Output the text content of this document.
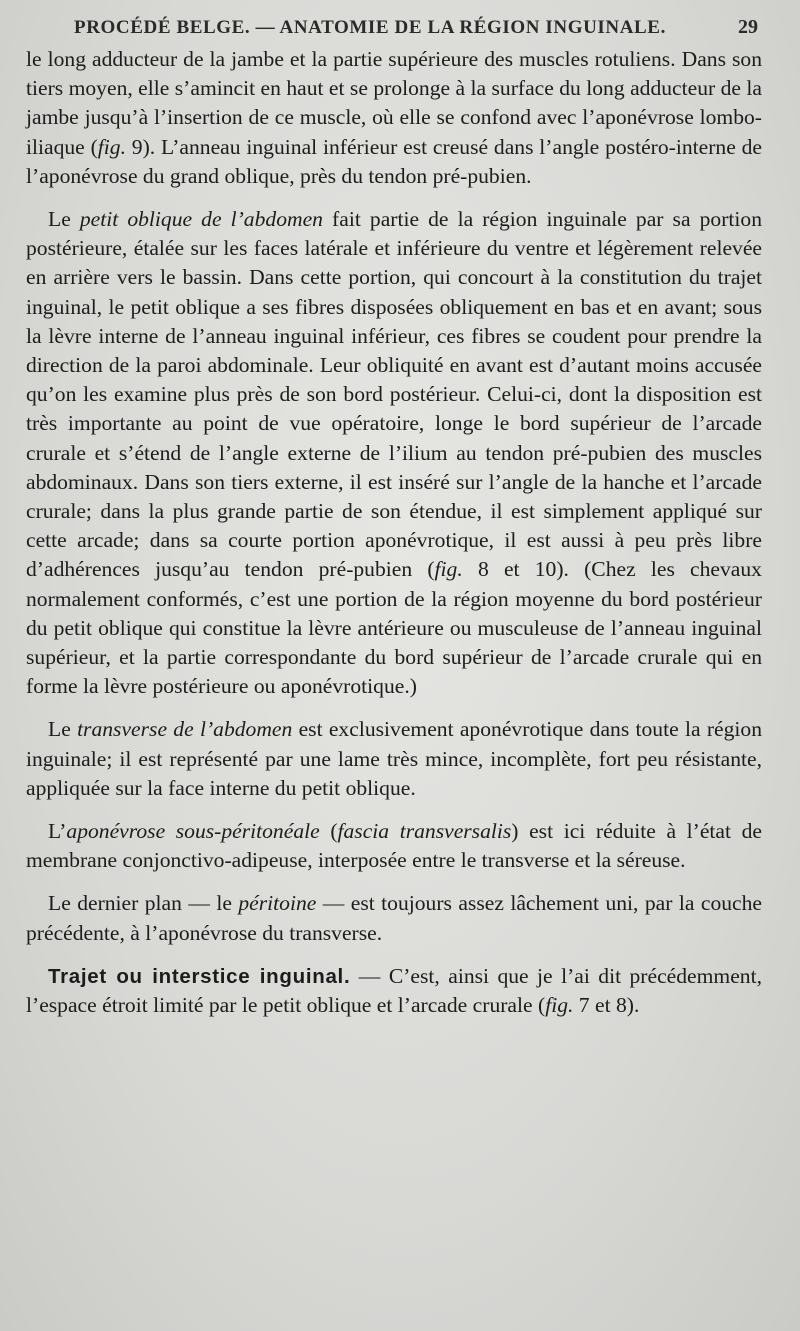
PROCÉDÉ BELGE. — ANATOMIE DE LA RÉGION INGUINALE.	29

le long adducteur de la jambe et la partie supérieure des muscles rotuliens. Dans son tiers moyen, elle s’amincit en haut et se prolonge à la surface du long adducteur de la jambe jusqu’à l’insertion de ce muscle, où elle se confond avec l’aponévrose lombo-iliaque (fig. 9). L’anneau inguinal inférieur est creusé dans l’angle postéro-interne de l’aponévrose du grand oblique, près du tendon pré-pubien.

Le petit oblique de l’abdomen fait partie de la région inguinale par sa portion postérieure, étalée sur les faces latérale et inférieure du ventre et légèrement relevée en arrière vers le bassin. Dans cette portion, qui concourt à la constitution du trajet inguinal, le petit oblique a ses fibres disposées obliquement en bas et en avant; sous la lèvre interne de l’anneau inguinal inférieur, ces fibres se coudent pour prendre la direction de la paroi abdominale. Leur obliquité en avant est d’autant moins accusée qu’on les examine plus près de son bord postérieur. Celui-ci, dont la disposition est très importante au point de vue opératoire, longe le bord supérieur de l’arcade crurale et s’étend de l’angle externe de l’ilium au tendon pré-pubien des muscles abdominaux. Dans son tiers externe, il est inséré sur l’angle de la hanche et l’arcade crurale; dans la plus grande partie de son étendue, il est simplement appliqué sur cette arcade; dans sa courte portion aponévrotique, il est aussi à peu près libre d’adhérences jusqu’au tendon pré-pubien (fig. 8 et 10). (Chez les chevaux normalement conformés, c’est une portion de la région moyenne du bord postérieur du petit oblique qui constitue la lèvre antérieure ou musculeuse de l’anneau inguinal supérieur, et la partie correspondante du bord supérieur de l’arcade crurale qui en forme la lèvre postérieure ou aponévrotique.)

Le transverse de l’abdomen est exclusivement aponévrotique dans toute la région inguinale; il est représenté par une lame très mince, incomplète, fort peu résistante, appliquée sur la face interne du petit oblique.

L’aponévrose sous-péritonéale (fascia transversalis) est ici réduite à l’état de membrane conjonctivo-adipeuse, interposée entre le transverse et la séreuse.

Le dernier plan — le péritoine — est toujours assez lâchement uni, par la couche précédente, à l’aponévrose du transverse.

Trajet ou interstice inguinal. — C’est, ainsi que je l’ai dit précédemment, l’espace étroit limité par le petit oblique et l’arcade crurale (fig. 7 et 8).
